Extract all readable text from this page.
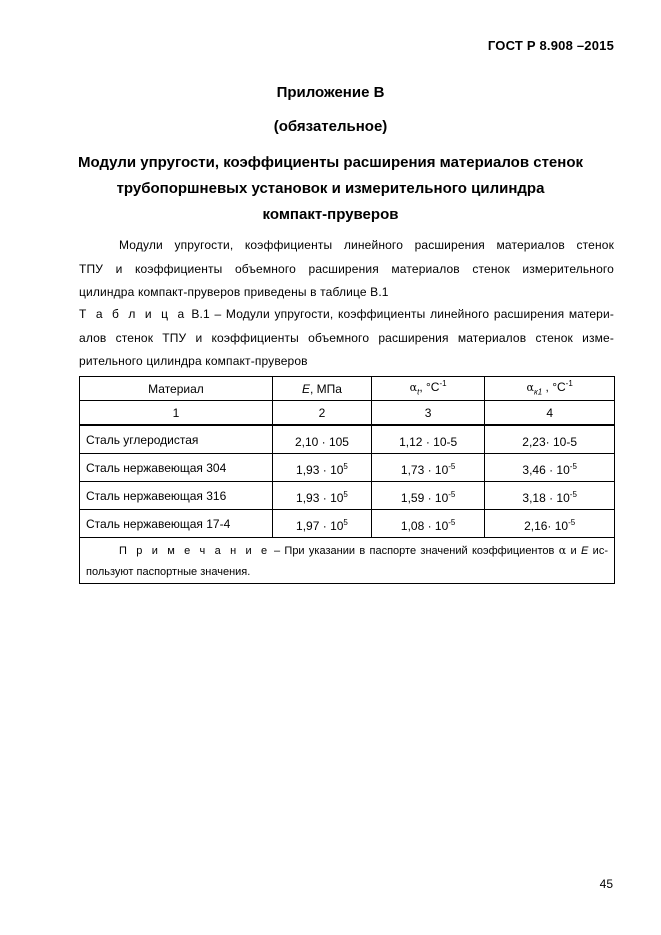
ГОСТ Р 8.908 –2015
Приложение В
(обязательное)
Модули упругости, коэффициенты расширения материалов стенок
трубопоршневых установок и измерительного цилиндра
компакт-пруверов
Модули упругости, коэффициенты линейного расширения материалов стенок
ТПУ и коэффициенты объемного расширения материалов стенок измерительного
цилиндра компакт-пруверов приведены в таблице В.1
Т а б л и ц а В.1 – Модули упругости, коэффициенты линейного расширения матери-
алов стенок ТПУ и коэффициенты объемного расширения материалов стенок изме-
рительного цилиндра компакт-пруверов
Материал	E, МПа	$\alpha_t$, $^\circ C^{-1}$	$\alpha_{к1}$ , $^\circ C^{-1}$
1	2	3	4
Сталь углеродистая	2,10 · 105	1,12 · 10-5	2,23· 10-5
Сталь нержавеющая 304	$1,93 \cdot 10^5$	$1,73 \cdot 10^{-5}$	$3,46 \cdot 10^{-5}$
Сталь нержавеющая 316	$1,93 \cdot 10^5$	$1,59 \cdot 10^{-5}$	$3,18 \cdot 10^{-5}$
Сталь нержавеющая 17-4	$1,97 \cdot 10^5$	$1,08 \cdot 10^{-5}$	$2,16\cdot 10^{-5}$

П р и м е ч а н и е – При указании в паспорте значений коэффициентов α и E ис-
пользуют паспортные значения.			
45
